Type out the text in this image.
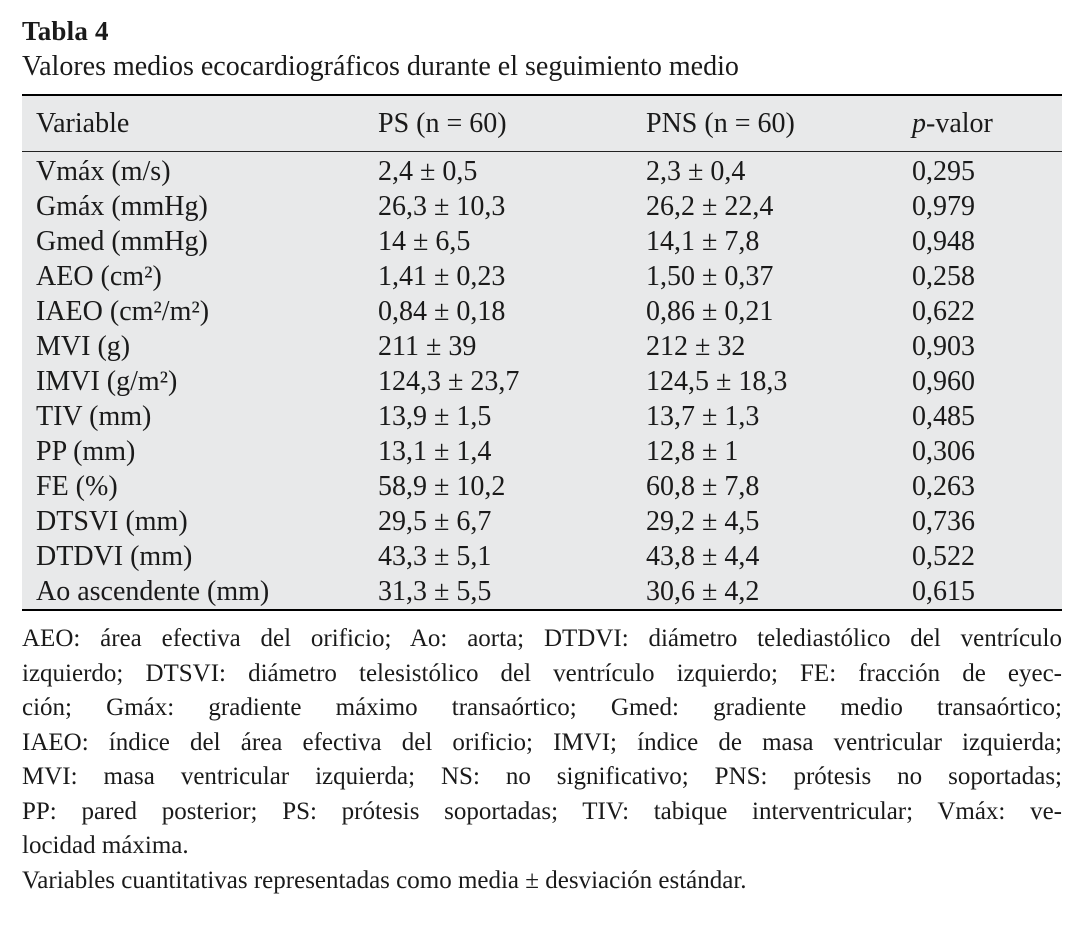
Tabla 4
Valores medios ecocardiográficos durante el seguimiento medio
Variable	PS (n = 60)	PNS (n = 60)	p-valor
Vmáx (m/s)	2,4 ± 0,5	2,3 ± 0,4	0,295
Gmáx (mmHg)	26,3 ± 10,3	26,2 ± 22,4	0,979
Gmed (mmHg)	14 ± 6,5	14,1 ± 7,8	0,948
AEO (cm²)	1,41 ± 0,23	1,50 ± 0,37	0,258
IAEO (cm²/m²)	0,84 ± 0,18	0,86 ± 0,21	0,622
MVI (g)	211 ± 39	212 ± 32	0,903
IMVI (g/m²)	124,3 ± 23,7	124,5 ± 18,3	0,960
TIV (mm)	13,9 ± 1,5	13,7 ± 1,3	0,485
PP (mm)	13,1 ± 1,4	12,8 ± 1	0,306
FE (%)	58,9 ± 10,2	60,8 ± 7,8	0,263
DTSVI (mm)	29,5 ± 6,7	29,2 ± 4,5	0,736
DTDVI (mm)	43,3 ± 5,1	43,8 ± 4,4	0,522
Ao ascendente (mm)	31,3 ± 5,5	30,6 ± 4,2	0,615
AEO: área efectiva del orificio; Ao: aorta; DTDVI: diámetro telediastólico del ventrículo
izquierdo; DTSVI: diámetro telesistólico del ventrículo izquierdo; FE: fracción de eyec-
ción; Gmáx: gradiente máximo transaórtico; Gmed: gradiente medio transaórtico;
IAEO: índice del área efectiva del orificio; IMVI; índice de masa ventricular izquierda;
MVI: masa ventricular izquierda; NS: no significativo; PNS: prótesis no soportadas;
PP: pared posterior; PS: prótesis soportadas; TIV: tabique interventricular; Vmáx: ve-
locidad máxima.
Variables cuantitativas representadas como media ± desviación estándar.
